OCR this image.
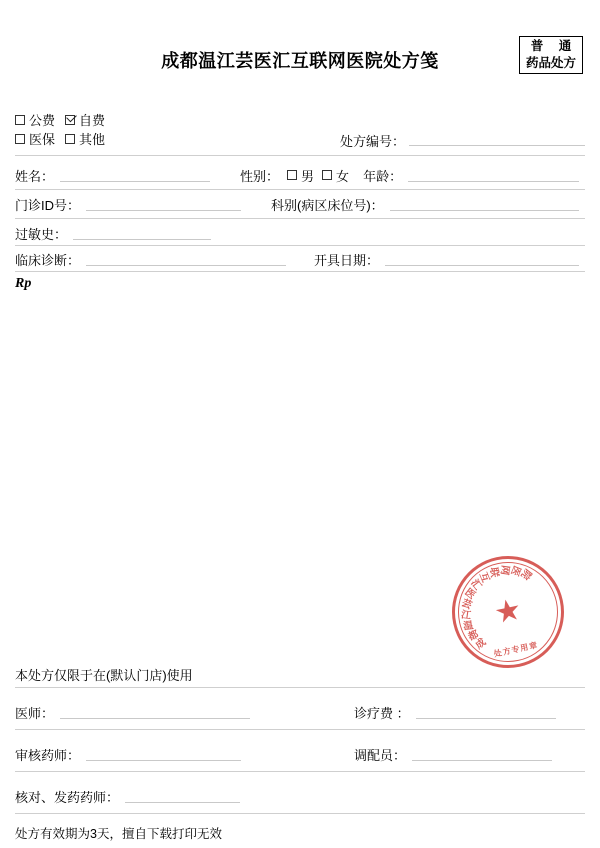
成都温江芸医汇互联网医院处方笺
普 通
药品处方
公费 自费
医保 其他	处方编号：
姓名：	性别： 男 女 年龄：
门诊ID号：	科别(病区床位号)：
过敏史：
临床诊断：	开具日期：
Rp

★
成
都
温
江
芸
医
汇
互
联
网
医
院
处方专用章
本处方仅限于在(默认门店)使用
医师：	诊疗费 ：
审核药师：	调配员：
核对、发药药师：
处方有效期为3天，擅自下载打印无效
